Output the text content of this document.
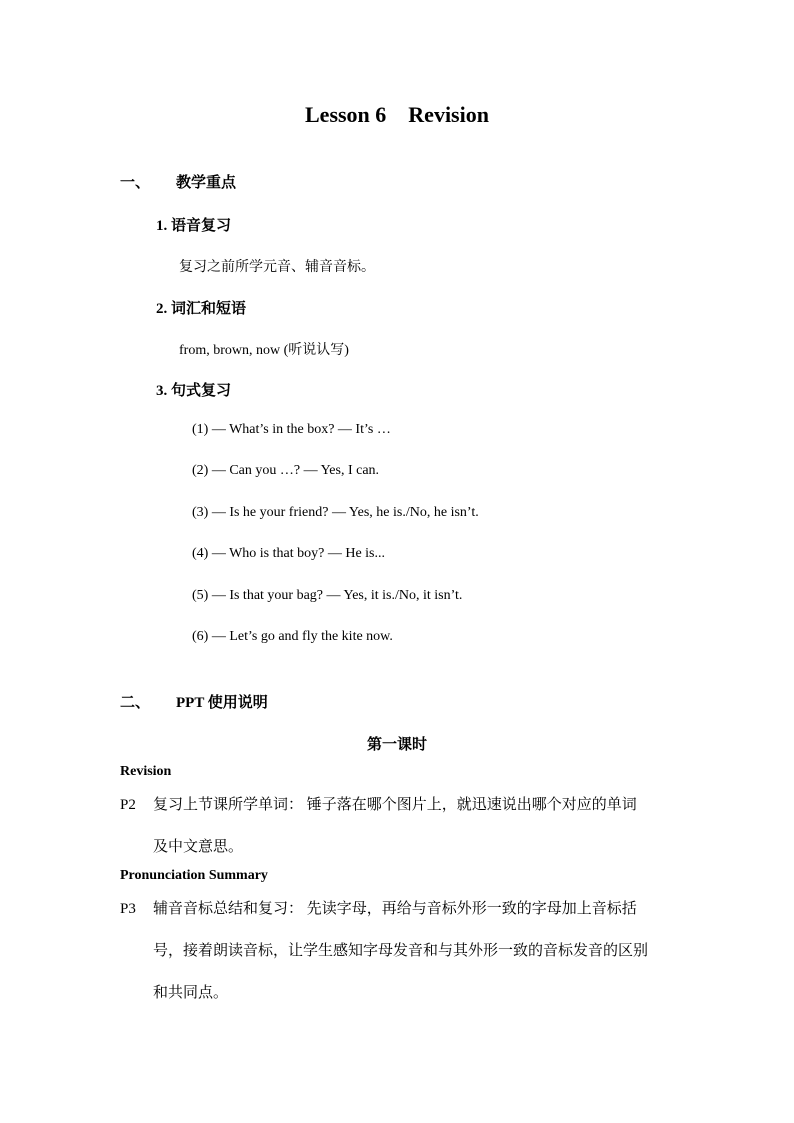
Lesson 6 Revision
一、 教学重点
1. 语音复习
复习之前所学元音、辅音音标。
2. 词汇和短语
from, brown, now (听说认写)
3. 句式复习
(1) — What’s in the box? — It’s …
(2) — Can you …? — Yes, I can.
(3) — Is he your friend? — Yes, he is./No, he isn’t.
(4) — Who is that boy? — He is...
(5) — Is that your bag? — Yes, it is./No, it isn’t.
(6) — Let’s go and fly the kite now.
二、 PPT 使用说明
第一课时
Revision
P2 复习上节课所学单词： 锤子落在哪个图片上，就迅速说出哪个对应的单词
及中文意思。
Pronunciation Summary
P3 辅音音标总结和复习： 先读字母，再给与音标外形一致的字母加上音标括
号，接着朗读音标，让学生感知字母发音和与其外形一致的音标发音的区别
和共同点。
